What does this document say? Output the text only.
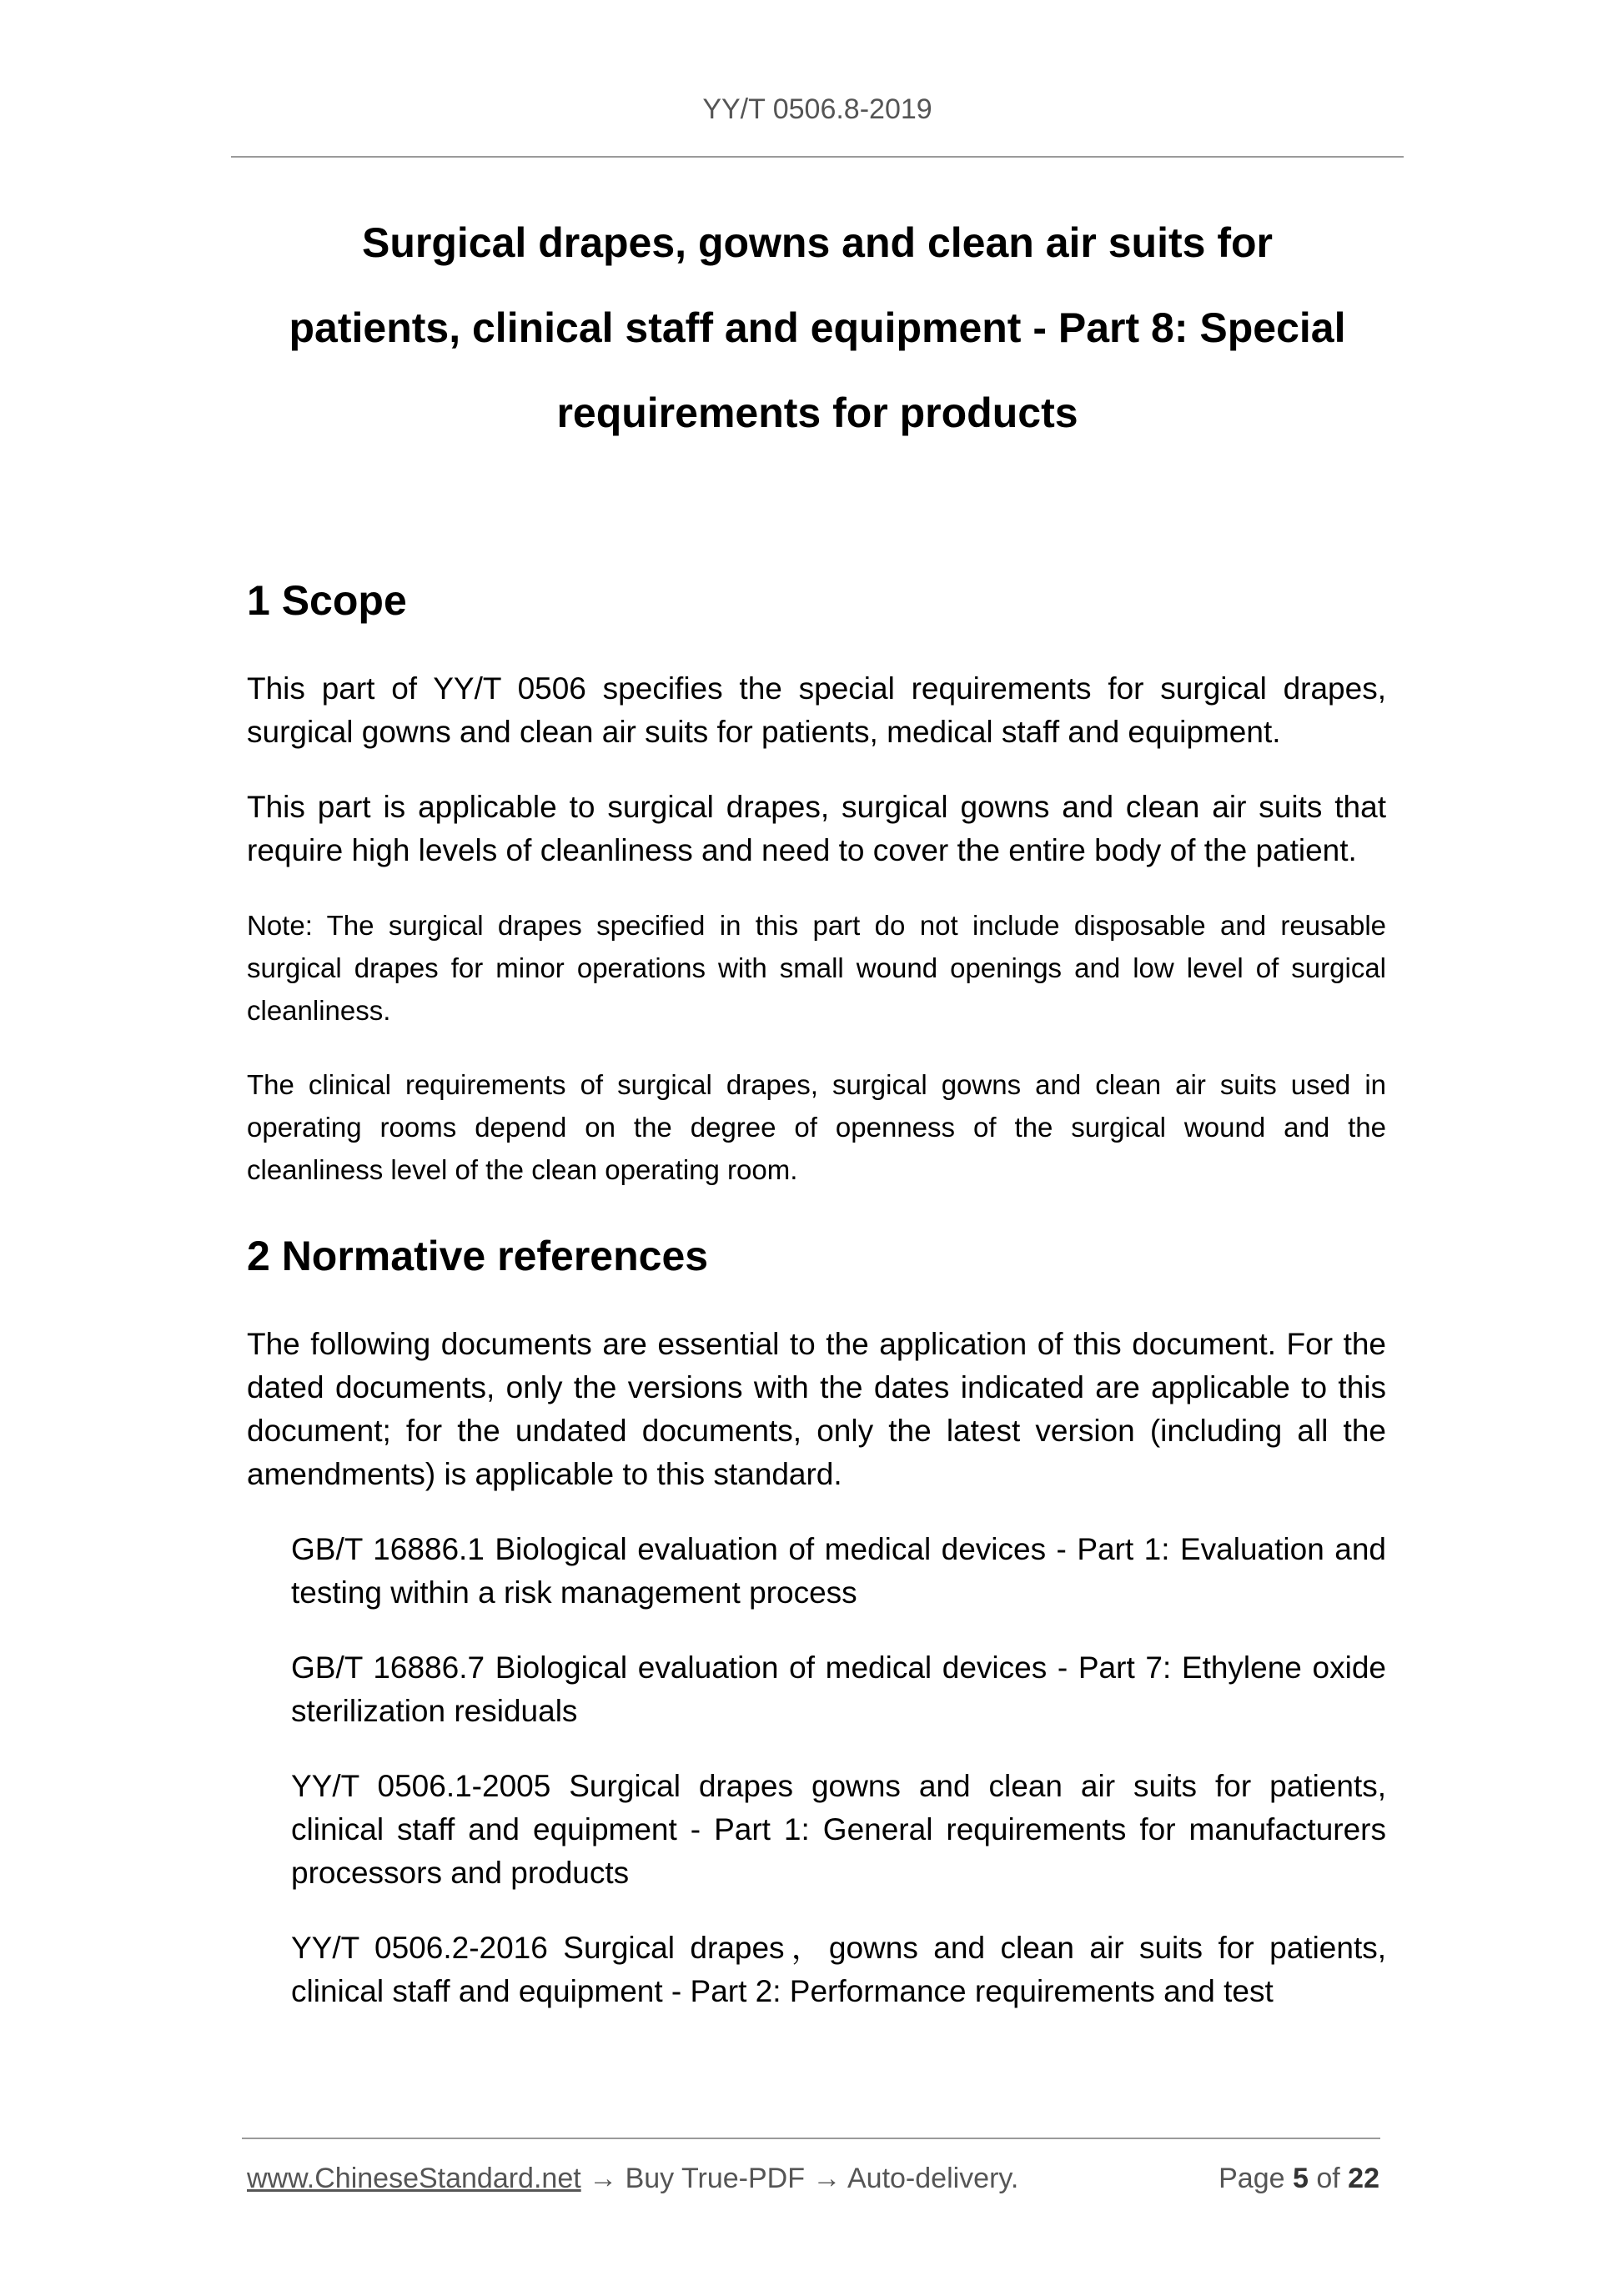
YY/T 0506.8-2019
Surgical drapes, gowns and clean air suits for
patients, clinical staff and equipment - Part 8: Special
requirements for products
1 Scope

This part of YY/T 0506 specifies the special requirements for surgical drapes, surgical gowns and clean air suits for patients, medical staff and equipment.

This part is applicable to surgical drapes, surgical gowns and clean air suits that require high levels of cleanliness and need to cover the entire body of the patient.

Note: The surgical drapes specified in this part do not include disposable and reusable surgical drapes for minor operations with small wound openings and low level of surgical cleanliness.

The clinical requirements of surgical drapes, surgical gowns and clean air suits used in operating rooms depend on the degree of openness of the surgical wound and the cleanliness level of the clean operating room.

2 Normative references

The following documents are essential to the application of this document. For the dated documents, only the versions with the dates indicated are applicable to this document; for the undated documents, only the latest version (including all the amendments) is applicable to this standard.

GB/T 16886.1 Biological evaluation of medical devices - Part 1: Evaluation and testing within a risk management process

GB/T 16886.7 Biological evaluation of medical devices - Part 7: Ethylene oxide sterilization residuals

YY/T 0506.1-2005 Surgical drapes gowns and clean air suits for patients, clinical staff and equipment - Part 1: General requirements for manufacturers processors and products

YY/T 0506.2-2016 Surgical drapes，gowns and clean air suits for patients, clinical staff and equipment - Part 2: Performance requirements and test

www.ChineseStandard.net → Buy True-PDF → Auto-delivery.	Page 5 of 22
